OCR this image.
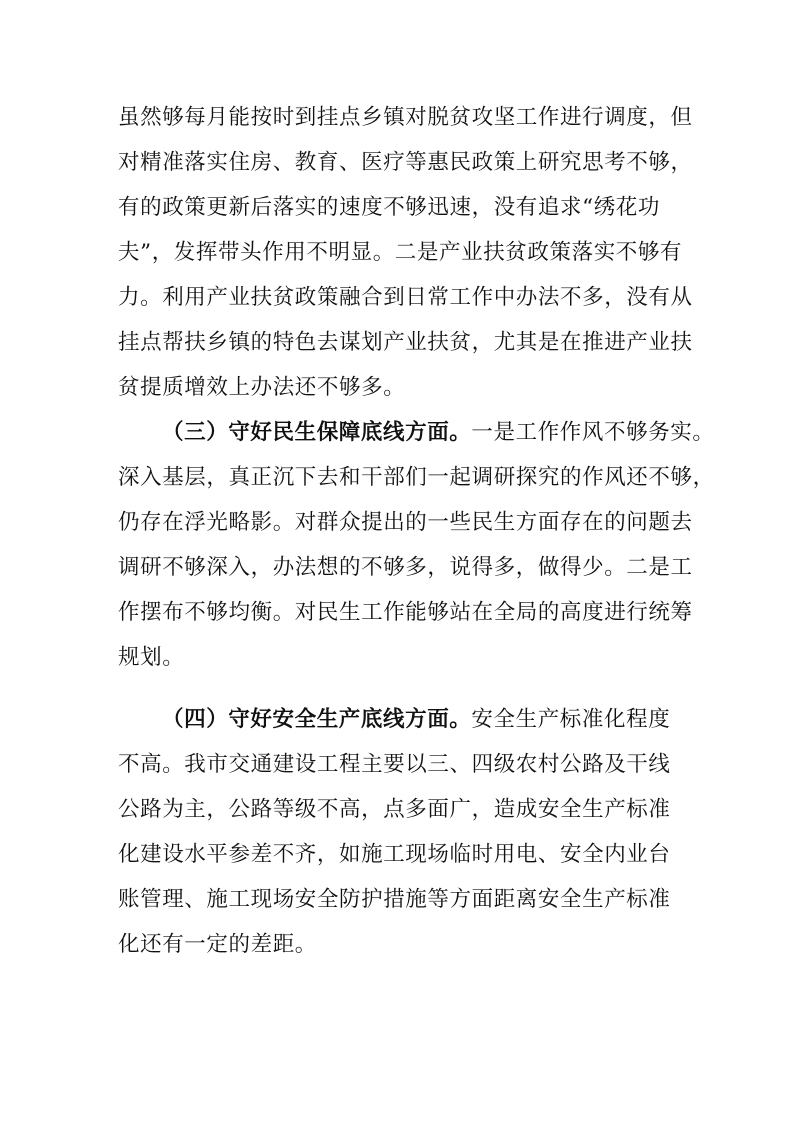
虽然够每月能按时到挂点乡镇对脱贫攻坚工作进行调度，但
对精准落实住房、教育、医疗等惠民政策上研究思考不够，
有的政策更新后落实的速度不够迅速，没有追求“绣花功
夫”，发挥带头作用不明显。二是产业扶贫政策落实不够有
力。利用产业扶贫政策融合到日常工作中办法不多，没有从
挂点帮扶乡镇的特色去谋划产业扶贫，尤其是在推进产业扶
贫提质增效上办法还不够多。
（三）守好民生保障底线方面。一是工作作风不够务实。
深入基层，真正沉下去和干部们一起调研探究的作风还不够，
仍存在浮光略影。对群众提出的一些民生方面存在的问题去
调研不够深入，办法想的不够多，说得多，做得少。二是工
作摆布不够均衡。对民生工作能够站在全局的高度进行统筹
规划。
（四）守好安全生产底线方面。安全生产标准化程度
不高。我市交通建设工程主要以三、四级农村公路及干线
公路为主，公路等级不高，点多面广，造成安全生产标准
化建设水平参差不齐，如施工现场临时用电、安全内业台
账管理、施工现场安全防护措施等方面距离安全生产标准
化还有一定的差距。
